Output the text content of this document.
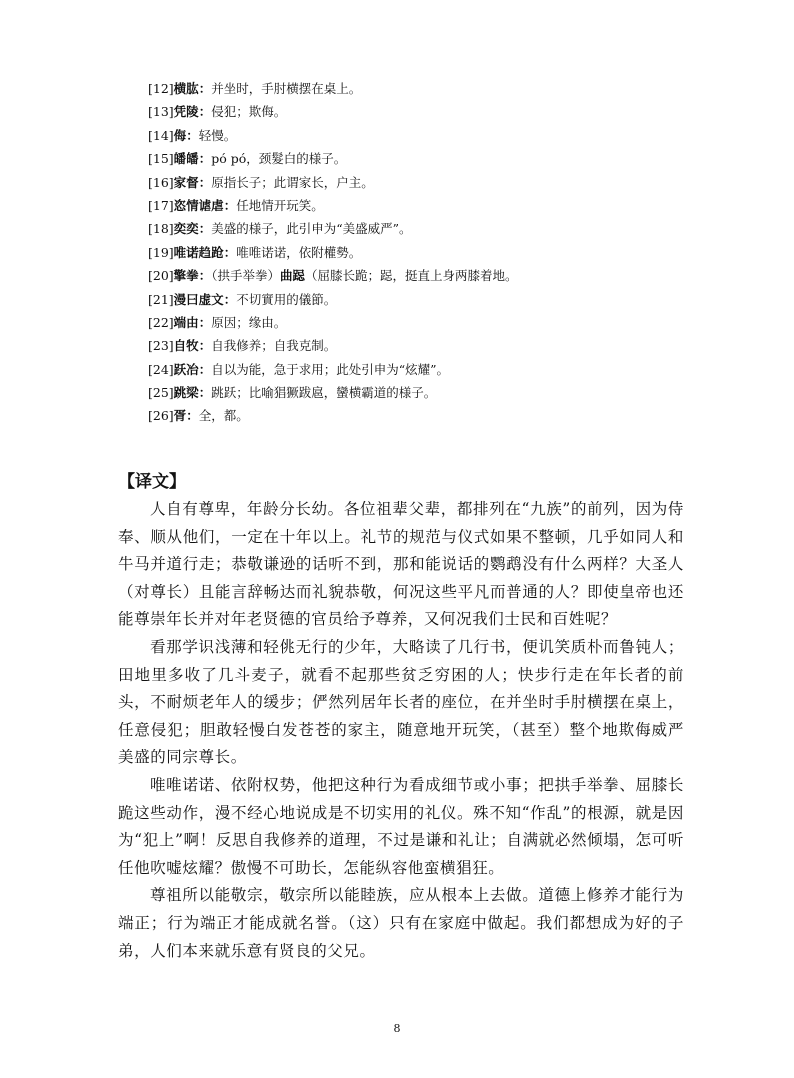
[12]横肱：并坐时，手肘横摆在桌上。
[13]凭陵：侵犯；欺侮。
[14]侮：轻慢。
[15]皤皤：pó pó，颈髮白的様子。
[16]家督：原指长子；此谓家长，户主。
[17]恣情谑虐：任地情开玩笑。
[18]奕奕：美盛的様子，此引申为“美盛威严”。
[19]唯诺趋跄：唯唯诺诺，依附權勢。
[20]擎拳：（拱手举拳）曲跽（屈膝长跪；跽，挺直上身两膝着地。
[21]漫曰虚文：不切實用的儀節。
[22]端由：原因；缘由。
[23]自牧：自我修养；自我克制。
[24]跃冶：自以为能，急于求用；此处引申为“炫耀”。
[25]跳梁：跳跃；比喻猖獗跋扈，蠻横霸道的様子。
[26]胥：全，都。
【译文】

人自有尊卑，年龄分长幼。各位祖辈父辈，都排列在“九族”的前列，因为侍奉、顺从他们，一定在十年以上。礼节的规范与仪式如果不整顿，几乎如同人和牛马并道行走；恭敬谦逊的话听不到，那和能说话的鹦鹉没有什么两样？大圣人（对尊长）且能言辞畅达而礼貌恭敬，何况这些平凡而普通的人？即使皇帝也还能尊崇年长并对年老贤德的官员给予尊养，又何况我们士民和百姓呢？

看那学识浅薄和轻佻无行的少年，大略读了几行书，便讥笑质朴而鲁钝人；田地里多收了几斗麦子，就看不起那些贫乏穷困的人；快步行走在年长者的前头，不耐烦老年人的缓步；俨然列居年长者的座位，在并坐时手肘横摆在桌上，任意侵犯；胆敢轻慢白发苍苍的家主，随意地开玩笑，（甚至）整个地欺侮威严美盛的同宗尊长。

唯唯诺诺、依附权势，他把这种行为看成细节或小事；把拱手举拳、屈膝长跪这些动作，漫不经心地说成是不切实用的礼仪。殊不知“作乱”的根源，就是因为“犯上”啊！反思自我修养的道理，不过是谦和礼让；自满就必然倾塌，怎可听任他吹嘘炫耀？傲慢不可助长，怎能纵容他蛮横猖狂。

尊祖所以能敬宗，敬宗所以能睦族，应从根本上去做。道德上修养才能行为端正；行为端正才能成就名誉。（这）只有在家庭中做起。我们都想成为好的子弟，人们本来就乐意有贤良的父兄。

8
